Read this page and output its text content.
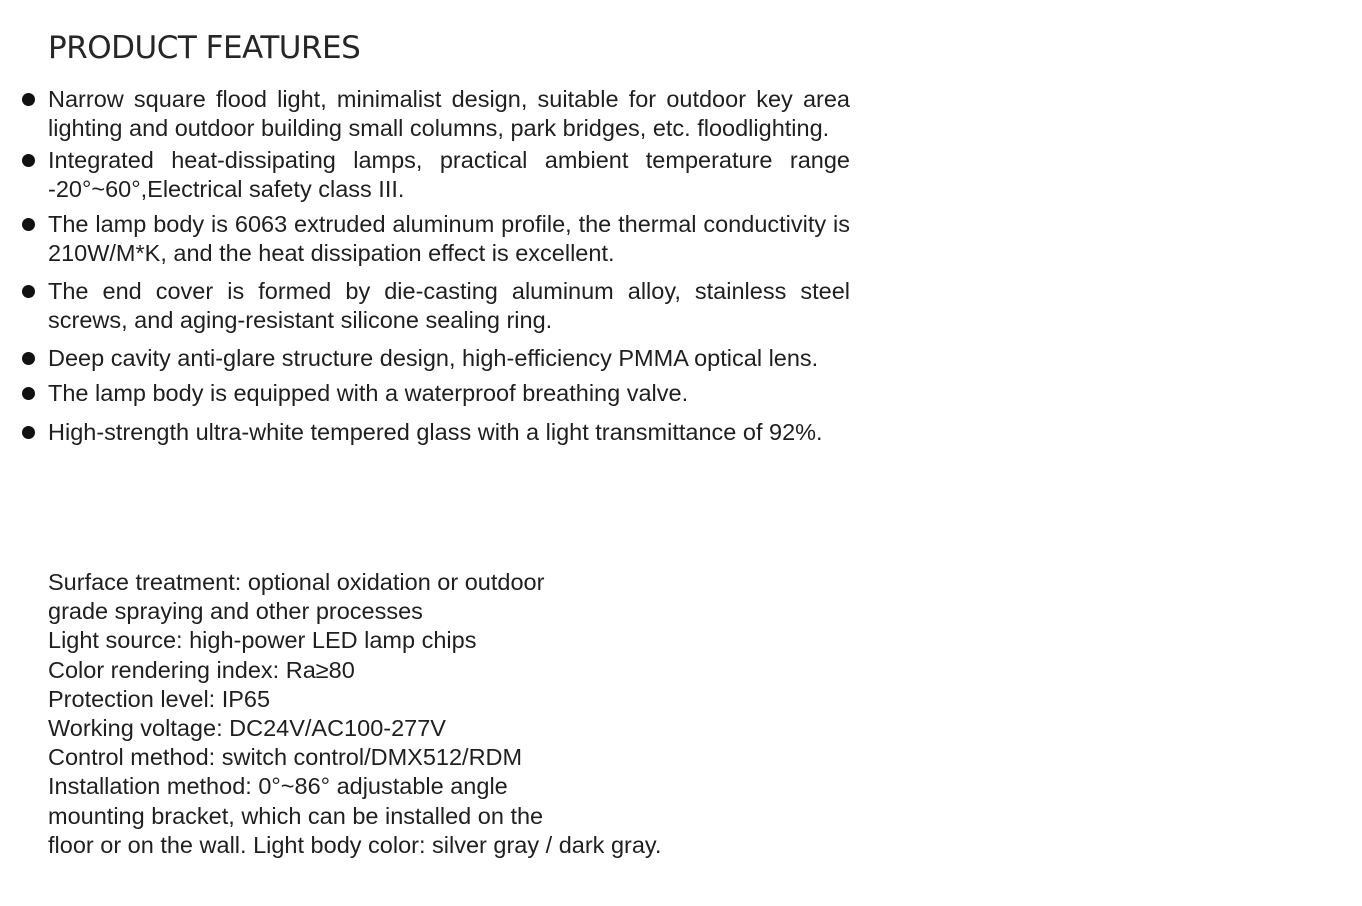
PRODUCT FEATURES
Narrow square flood light, minimalist design, suitable for outdoor key area lighting and outdoor building small columns, park bridges, etc. floodlighting.
Integrated heat-dissipating lamps, practical ambient temperature range -20°~60°,Electrical safety class III.
The lamp body is 6063 extruded aluminum profile, the thermal conductivity is 210W/M*K, and the heat dissipation effect is excellent.
The end cover is formed by die-casting aluminum alloy, stainless steel screws, and aging-resistant silicone sealing ring.
Deep cavity anti-glare structure design, high-efficiency PMMA optical lens.
The lamp body is equipped with a waterproof breathing valve.
High-strength ultra-white tempered glass with a light transmittance of 92%.

Surface treatment: optional oxidation or outdoor

grade spraying and other processes

Light source: high-power LED lamp chips

Color rendering index: Ra≥80

Protection level: IP65

Working voltage: DC24V/AC100-277V

Control method: switch control/DMX512/RDM

Installation method: 0°~86° adjustable angle

mounting bracket, which can be installed on the

floor or on the wall. Light body color: silver gray / dark gray.
